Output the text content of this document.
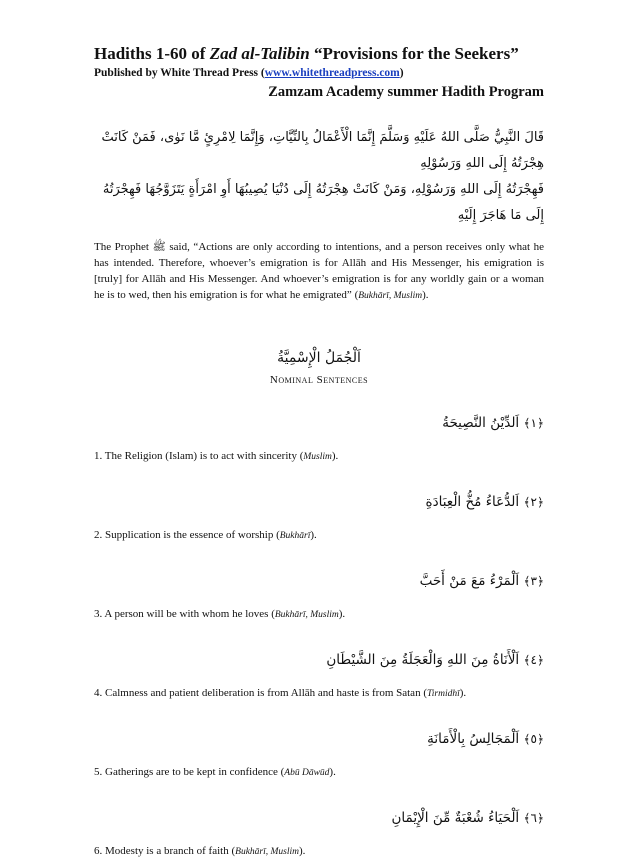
Hadiths 1-60 of Zad al-Talibin “Provisions for the Seekers”

Published by White Thread Press (www.whitethreadpress.com)

Zamzam Academy summer Hadith Program

قَالَ النَّبِيُّ صَلَّى اللهُ عَلَيْهِ وَسَلَّمَ إِنَّمَا الْأَعْمَالُ بِالنِّيَّاتِ، وَإِنَّمَا لِامْرِئٍ مَّا نَوٰى، فَمَنْ كَانَتْ هِجْرَتُهُ إِلَى اللهِ وَرَسُوْلِهِ
فَهِجْرَتُهُ إِلَى اللهِ وَرَسُوْلِهِ، وَمَنْ كَانَتْ هِجْرَتُهُ إِلَى دُنْيَا يُصِيبُهَا أَوِ امْرَأَةٍ يَتَزَوَّجُهَا فَهِجْرَتُهُ إِلَى مَا هَاجَرَ إِلَيْهِ

The Prophet ﷺ said, “Actions are only according to intentions, and a person receives only what he has intended. Therefore, whoever’s emigration is for Allāh and His Messenger, his emigration is [truly] for Allāh and His Messenger. And whoever’s emigration is for any worldly gain or a woman he is to wed, then his emigration is for what he emigrated” (Bukhārī, Muslim).

اَلْجُمَلُ الْإِسْمِيَّةُ
Nominal Sentences
﴿١﴾ اَلدِّيْنُ النَّصِيحَةُ
1. The Religion (Islam) is to act with sincerity (Muslim).
﴿٢﴾ اَلدُّعَاءُ مُخُّ الْعِبَادَةِ
2. Supplication is the essence of worship (Bukhārī).
﴿٣﴾ اَلْمَرْءُ مَعَ مَنْ أَحَبَّ
3. A person will be with whom he loves (Bukhārī, Muslim).
﴿٤﴾ اَلْأَنَاةُ مِنَ اللهِ وَالْعَجَلَةُ مِنَ الشَّيْطَانِ
4. Calmness and patient deliberation is from Allāh and haste is from Satan (Tirmidhī).
﴿٥﴾ اَلْمَجَالِسُ بِالْأَمَانَةِ
5. Gatherings are to be kept in confidence (Abū Dāwūd).
﴿٦﴾ اَلْحَيَاءُ شُعْبَةٌ مِّنَ الْإِيْمَانِ
6. Modesty is a branch of faith (Bukhārī, Muslim).
